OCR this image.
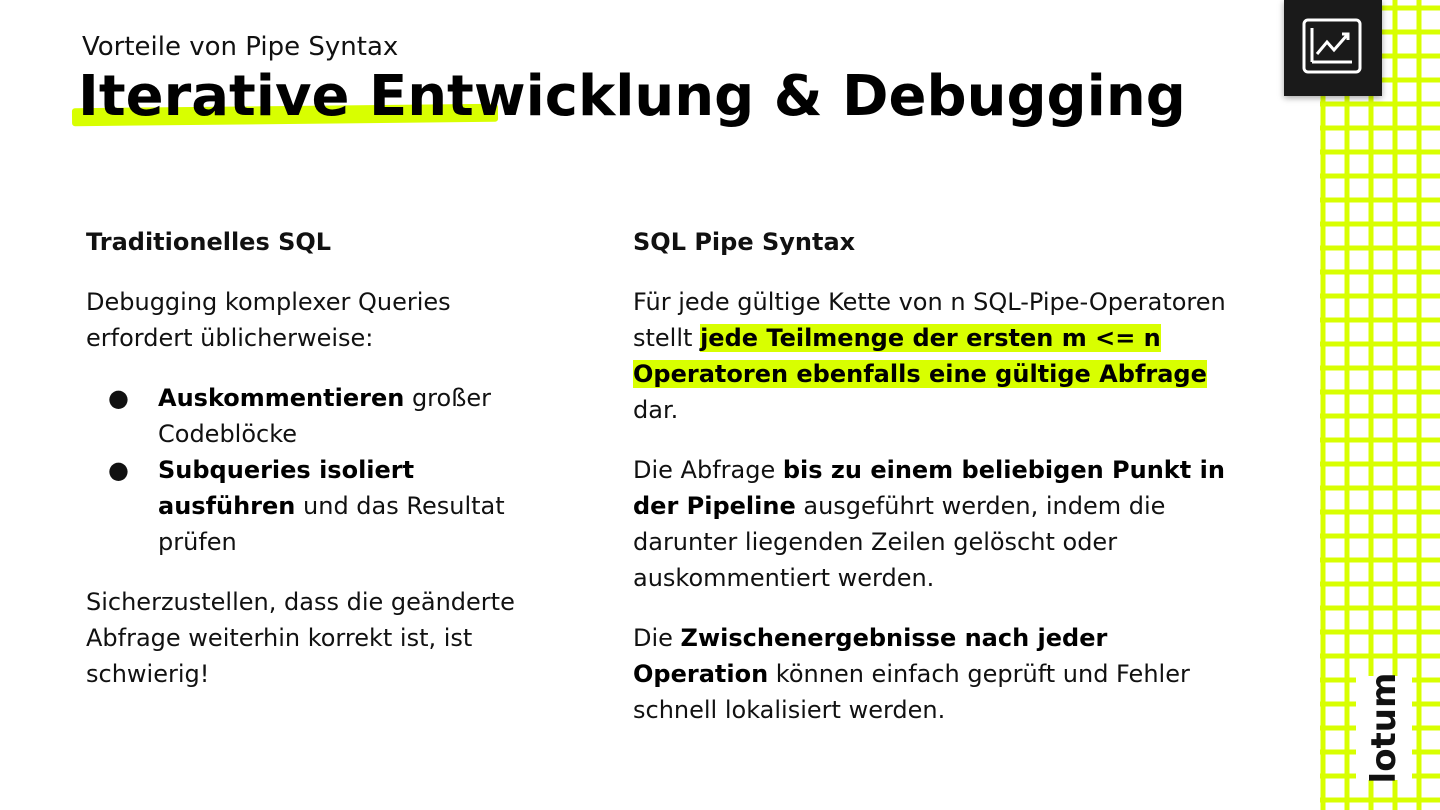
Vorteile von Pipe Syntax
Iterative Entwicklung & Debugging
Traditionelles SQL

Debugging komplexer Queries erfordert üblicherweise:

● Auskommentieren großer Codeblöcke
● Subqueries isoliert ausführen und das Resultat prüfen

Sicherzustellen, dass die geänderte Abfrage weiterhin korrekt ist, ist schwierig!

SQL Pipe Syntax

Für jede gültige Kette von n SQL-Pipe-Operatoren stellt jede Teilmenge der ersten m <= n Operatoren ebenfalls eine gültige Abfrage dar.

Die Abfrage bis zu einem beliebigen Punkt in der Pipeline ausgeführt werden, indem die darunter liegenden Zeilen gelöscht oder auskommentiert werden.

Die Zwischenergebnisse nach jeder Operation können einfach geprüft und Fehler schnell lokalisiert werden.	lotum
